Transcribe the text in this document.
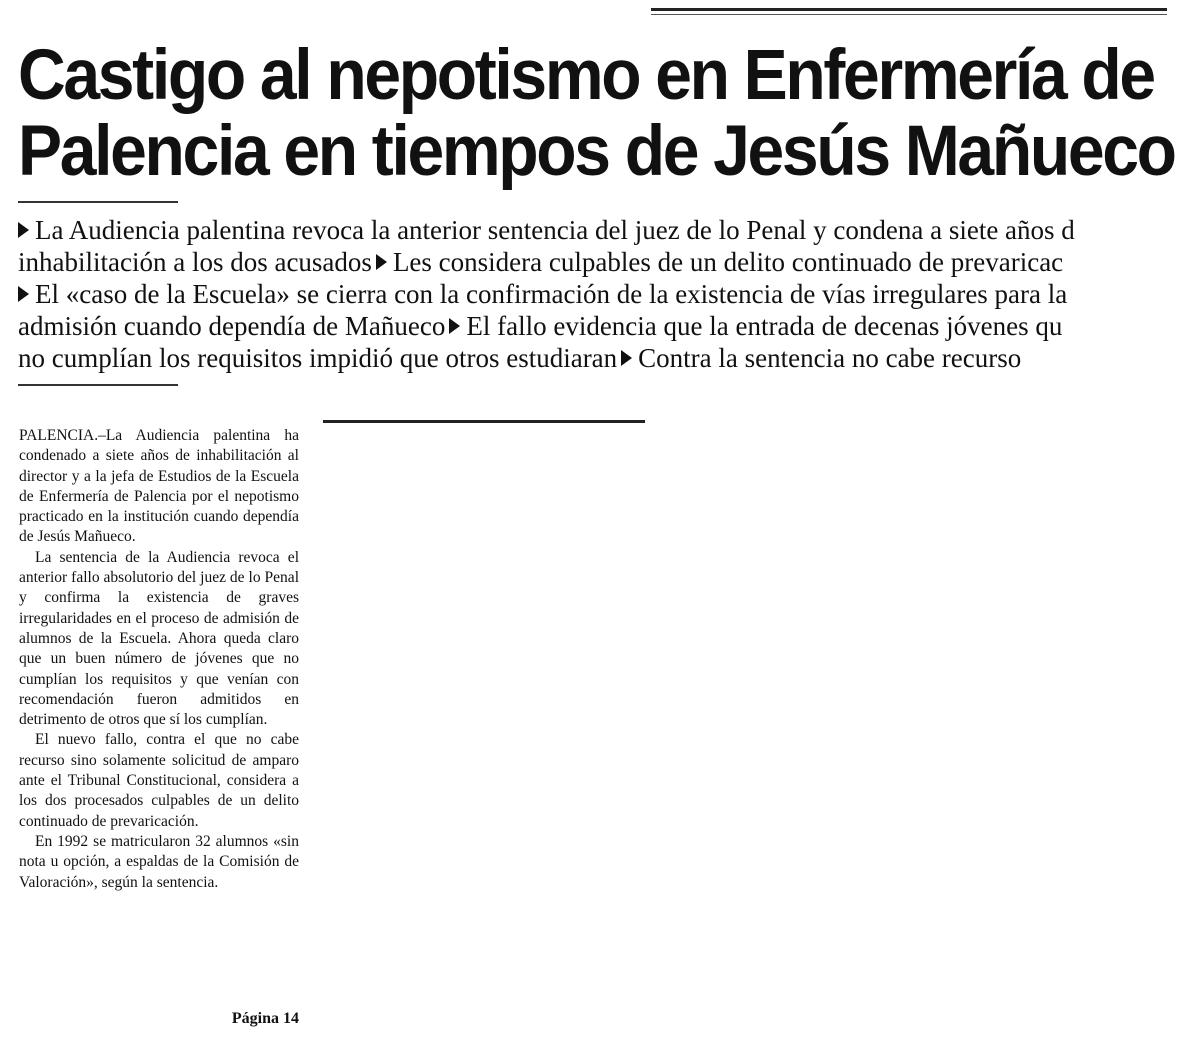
Castigo al nepotismo en Enfermería de
Palencia en tiempos de Jesús Mañueco
La Audiencia palentina revoca la anterior sentencia del juez de lo Penal y condena a siete años d
inhabilitación a los dos acusados Les considera culpables de un delito continuado de prevaricac
El «caso de la Escuela» se cierra con la confirmación de la existencia de vías irregulares para la
admisión cuando dependía de Mañueco El fallo evidencia que la entrada de decenas jóvenes qu
no cumplían los requisitos impidió que otros estudiaran Contra la sentencia no cabe recurso

PALENCIA.–La Audiencia palentina ha condenado a siete años de inhabilitación al director y a la jefa de Estudios de la Escuela de Enfermería de Palencia por el nepotismo practicado en la institución cuando dependía de Jesús Mañueco.

La sentencia de la Audiencia revoca el anterior fallo absolutorio del juez de lo Penal y confirma la existencia de graves irregularidades en el proceso de admisión de alumnos de la Escuela. Ahora queda claro que un buen número de jóvenes que no cumplían los requisitos y que venían con recomendación fueron admitidos en detrimento de otros que sí los cumplían.

El nuevo fallo, contra el que no cabe recurso sino solamente solicitud de amparo ante el Tribunal Constitucional, considera a los dos procesados culpables de un delito continuado de prevaricación.

En 1992 se matricularon 32 alumnos «sin nota u opción, a espaldas de la Comisión de Valoración», según la sentencia.

Página 14
